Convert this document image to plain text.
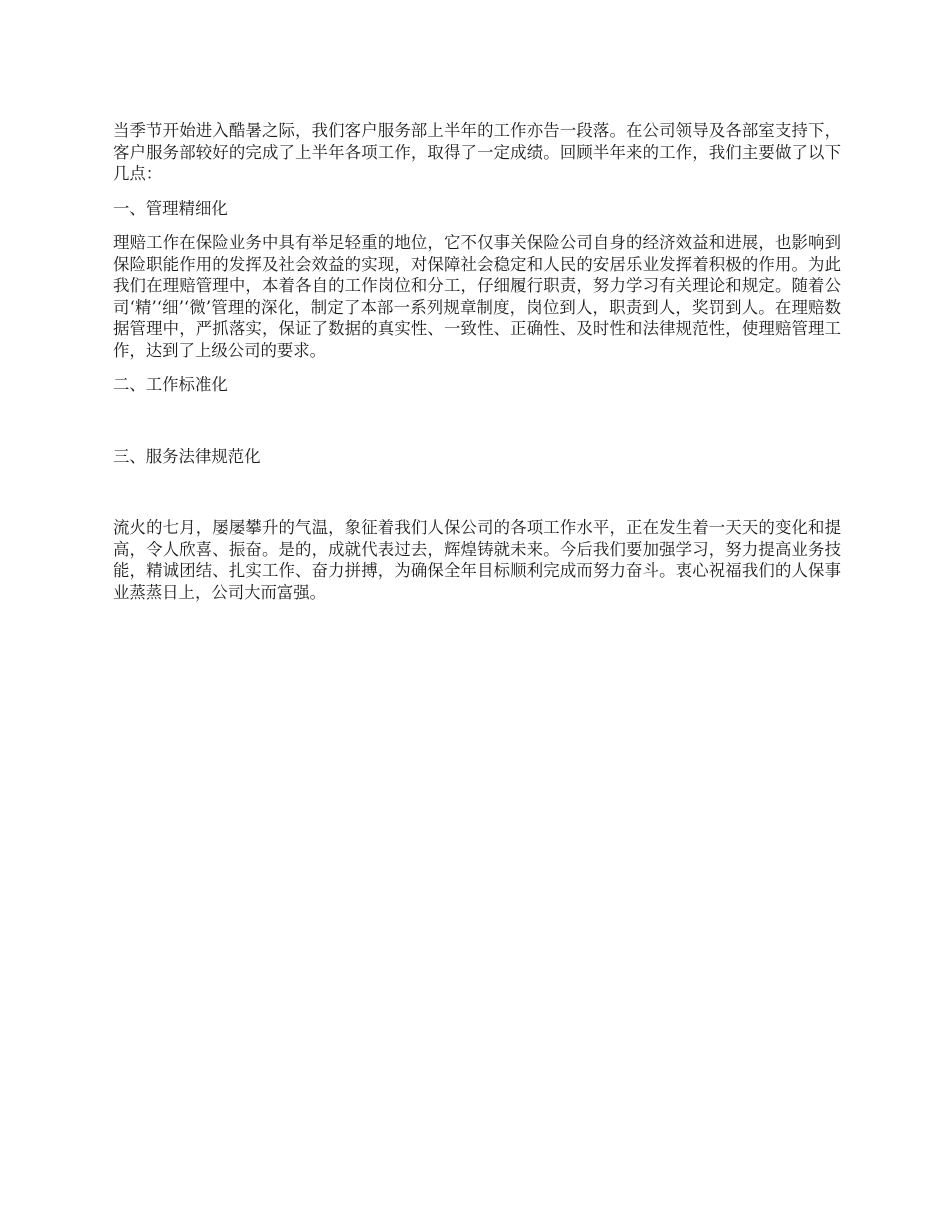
当季节开始进入酷暑之际，我们客户服务部上半年的工作亦告一段落。在公司领导及各部室支持下，客户服务部较好的完成了上半年各项工作，取得了一定成绩。回顾半年来的工作，我们主要做了以下几点：

一、管理精细化

理赔工作在保险业务中具有举足轻重的地位，它不仅事关保险公司自身的经济效益和进展，也影响到保险职能作用的发挥及社会效益的实现，对保障社会稳定和人民的安居乐业发挥着积极的作用。为此我们在理赔管理中，本着各自的工作岗位和分工，仔细履行职责，努力学习有关理论和规定。随着公司‘精’‘细’‘微’管理的深化，制定了本部一系列规章制度，岗位到人，职责到人，奖罚到人。在理赔数据管理中，严抓落实，保证了数据的真实性、一致性、正确性、及时性和法律规范性，使理赔管理工作，达到了上级公司的要求。

二、工作标准化

三、服务法律规范化

流火的七月，屡屡攀升的气温，象征着我们人保公司的各项工作水平，正在发生着一天天的变化和提高，令人欣喜、振奋。是的，成就代表过去，辉煌铸就未来。今后我们要加强学习，努力提高业务技能，精诚团结、扎实工作、奋力拼搏，为确保全年目标顺利完成而努力奋斗。衷心祝福我们的人保事业蒸蒸日上，公司大而富强。
